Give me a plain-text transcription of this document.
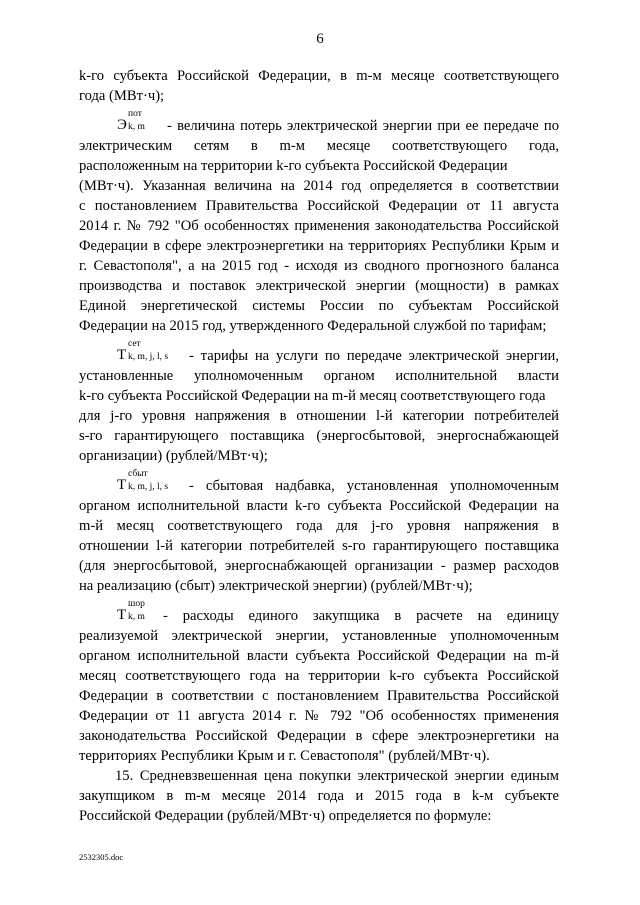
6
k-го субъекта Российской Федерации, в m-м месяце соответствующего
года (МВт·ч);
Э
пот
k, m - величина потерь электрической энергии при ее передаче по
электрическим сетям в m-м месяце соответствующего года,
расположенным на территории k-го субъекта Российской Федерации
(МВт·ч). Указанная величина на 2014 год определяется в соответствии
с постановлением Правительства Российской Федерации от 11 августа
2014 г. № 792 "Об особенностях применения законодательства Российской
Федерации в сфере электроэнергетики на территориях Республики Крым и
г. Севастополя", а на 2015 год - исходя из сводного прогнозного баланса
производства и поставок электрической энергии (мощности) в рамках
Единой энергетической системы России по субъектам Российской
Федерации на 2015 год, утвержденного Федеральной службой по тарифам;
T
сет
k, m, j, l, s - тарифы на услуги по передаче электрической энергии,
установленные уполномоченным органом исполнительной власти
k-го субъекта Российской Федерации на m-й месяц соответствующего года
для j-го уровня напряжения в отношении l-й категории потребителей
s-го гарантирующего поставщика (энергосбытовой, энергоснабжающей
организации) (рублей/МВт·ч);
T
сбыт
k, m, j, l, s - сбытовая надбавка, установленная уполномоченным
органом исполнительной власти k-го субъекта Российской Федерации на
m-й месяц соответствующего года для j-го уровня напряжения в
отношении l-й категории потребителей s-го гарантирующего поставщика
(для энергосбытовой, энергоснабжающей организации - размер расходов
на реализацию (сбыт) электрической энергии) (рублей/МВт·ч);
T
шор
k, m - расходы единого закупщика в расчете на единицу
реализуемой электрической энергии, установленные уполномоченным
органом исполнительной власти субъекта Российской Федерации на m-й
месяц соответствующего года на территории k-го субъекта Российской
Федерации в соответствии с постановлением Правительства Российской
Федерации от 11 августа 2014 г. № 792 "Об особенностях применения
законодательства Российской Федерации в сфере электроэнергетики на
территориях Республики Крым и г. Севастополя" (рублей/МВт·ч).
15. Средневзвешенная цена покупки электрической энергии единым
закупщиком в m-м месяце 2014 года и 2015 года в k-м субъекте
Российской Федерации (рублей/МВт·ч) определяется по формуле:
2532305.doc
